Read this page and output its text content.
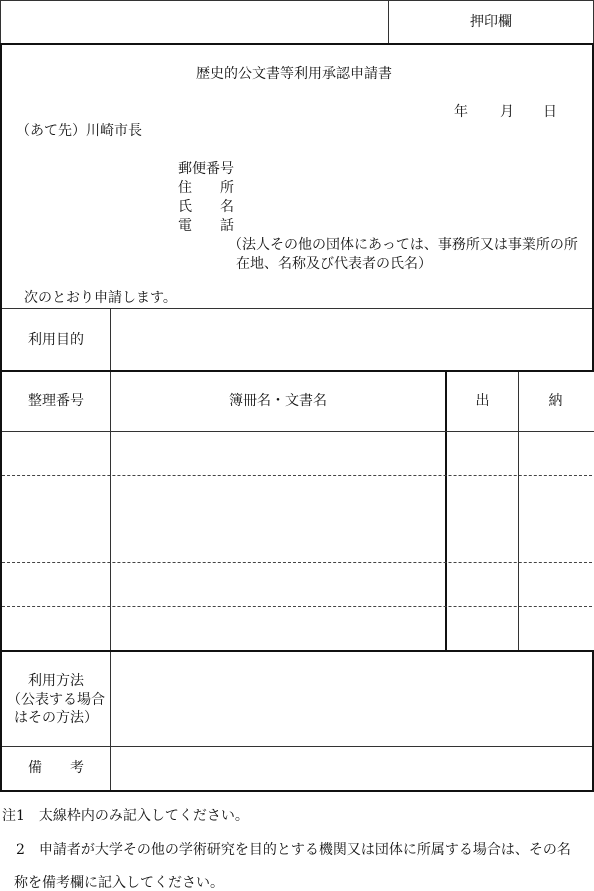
押印欄
歴史的公文書等利用承認申請書
年 月 日
（あて先）川崎市長
郵便番号
住　　所
氏　　名
電　　話
（法人その他の団体にあっては、事務所又は事業所の所
在地、名称及び代表者の氏名）
次のとおり申請します。
利用目的
整理番号	簿冊名・文書名	出	納
利用方法
（公表する場合
はその方法）
備　　考
注1　太線枠内のみ記入してください。
　2　申請者が大学その他の学術研究を目的とする機関又は団体に所属する場合は、その名
称を備考欄に記入してください。
